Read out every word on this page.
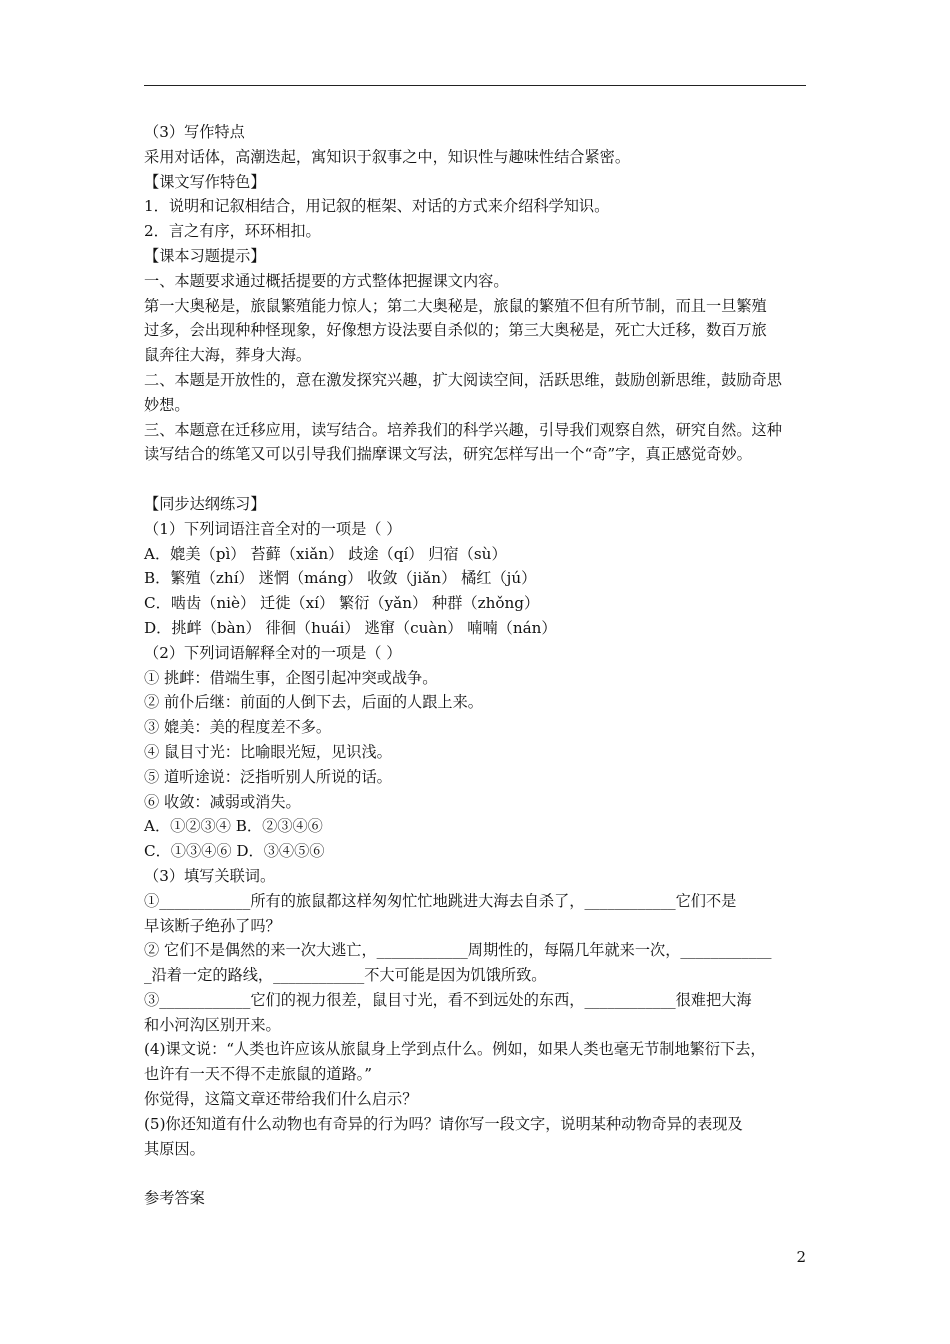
（3）写作特点
采用对话体，高潮迭起，寓知识于叙事之中，知识性与趣味性结合紧密。
【课文写作特色】
1．说明和记叙相结合，用记叙的框架、对话的方式来介绍科学知识。
2．言之有序，环环相扣。
【课本习题提示】
一、本题要求通过概括提要的方式整体把握课文内容。
第一大奥秘是，旅鼠繁殖能力惊人；第二大奥秘是，旅鼠的繁殖不但有所节制，而且一旦繁殖
过多，会出现种种怪现象，好像想方设法要自杀似的；第三大奥秘是，死亡大迁移，数百万旅
鼠奔往大海，葬身大海。
二、本题是开放性的，意在激发探究兴趣，扩大阅读空间，活跃思维，鼓励创新思维，鼓励奇思
妙想。
三、本题意在迁移应用，读写结合。培养我们的科学兴趣，引导我们观察自然，研究自然。这种
读写结合的练笔又可以引导我们揣摩课文写法，研究怎样写出一个“奇”字，真正感觉奇妙。
【同步达纲练习】
（1）下列词语注音全对的一项是（ ）
A．媲美（pì） 苔藓（xiǎn） 歧途（qí） 归宿（sù）
B．繁殖（zhí） 迷惘（máng） 收敛（jiǎn） 橘红（jú）
C．啮齿（niè） 迁徙（xí） 繁衍（yǎn） 种群（zhǒng）
D．挑衅（bàn） 徘徊（huái） 逃窜（cuàn） 喃喃（nán）
（2）下列词语解释全对的一项是（ ）
① 挑衅：借端生事，企图引起冲突或战争。
② 前仆后继：前面的人倒下去，后面的人跟上来。
③ 媲美：美的程度差不多。
④ 鼠目寸光：比喻眼光短，见识浅。
⑤ 道听途说：泛指听别人所说的话。
⑥ 收敛：减弱或消失。
A．①②③④ B．②③④⑥
C．①③④⑥ D．③④⑤⑥
（3）填写关联词。
①____________所有的旅鼠都这样匆匆忙忙地跳进大海去自杀了，____________它们不是
早该断子绝孙了吗？
② 它们不是偶然的来一次大逃亡，____________周期性的，每隔几年就来一次，____________
_沿着一定的路线，____________不大可能是因为饥饿所致。
③____________它们的视力很差，鼠目寸光，看不到远处的东西，____________很难把大海
和小河沟区别开来。
(4)课文说：“人类也许应该从旅鼠身上学到点什么。例如，如果人类也毫无节制地繁衍下去，
也许有一天不得不走旅鼠的道路。”
你觉得，这篇文章还带给我们什么启示？
(5)你还知道有什么动物也有奇异的行为吗？请你写一段文字，说明某种动物奇异的表现及
其原因。
参考答案
2
